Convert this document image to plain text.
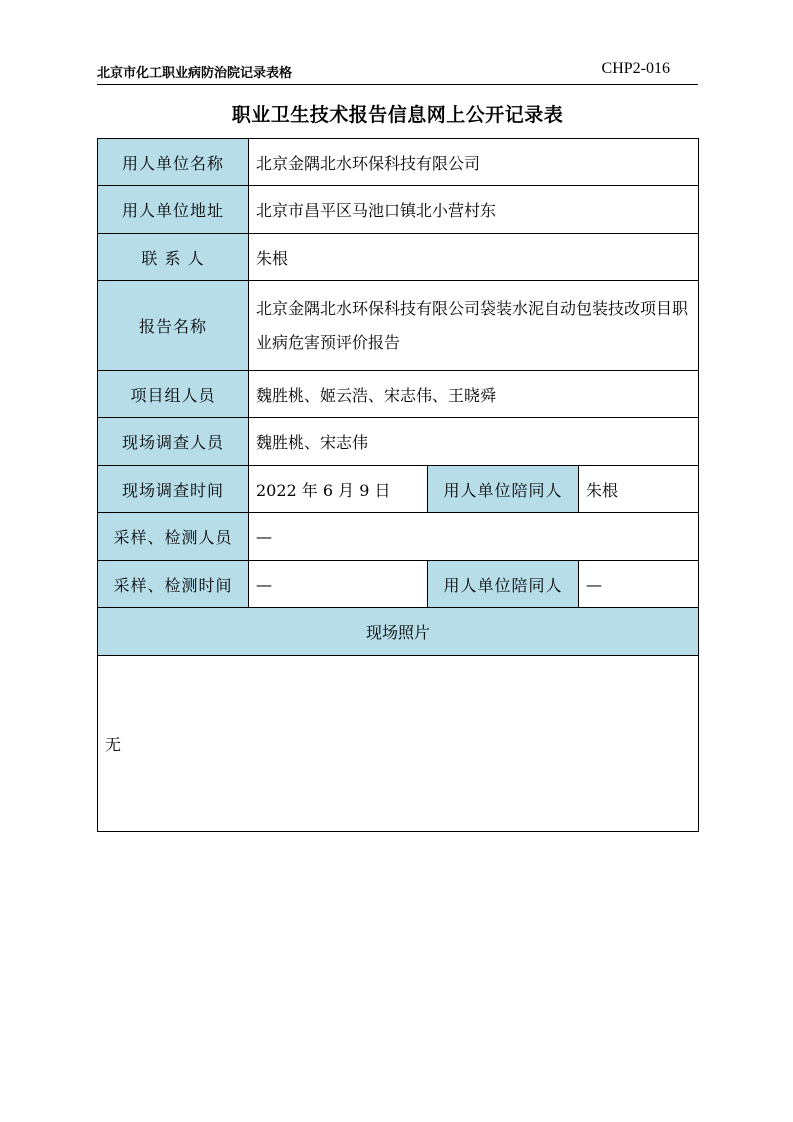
北京市化工职业病防治院记录表格	CHP2-016
职业卫生技术报告信息网上公开记录表
用人单位名称	北京金隅北水环保科技有限公司		
用人单位地址	北京市昌平区马池口镇北小营村东		
联 系 人	朱根		
报告名称	北京金隅北水环保科技有限公司袋装水泥自动包装技改项目职业病危害预评价报告		
项目组人员	魏胜桃、姬云浩、宋志伟、王晓舜		
现场调查人员	魏胜桃、宋志伟		
现场调查时间	2022 年 6 月 9 日	用人单位陪同人	朱根
采样、检测人员	—		
采样、检测时间	—	用人单位陪同人	—
现场照片			
无			
